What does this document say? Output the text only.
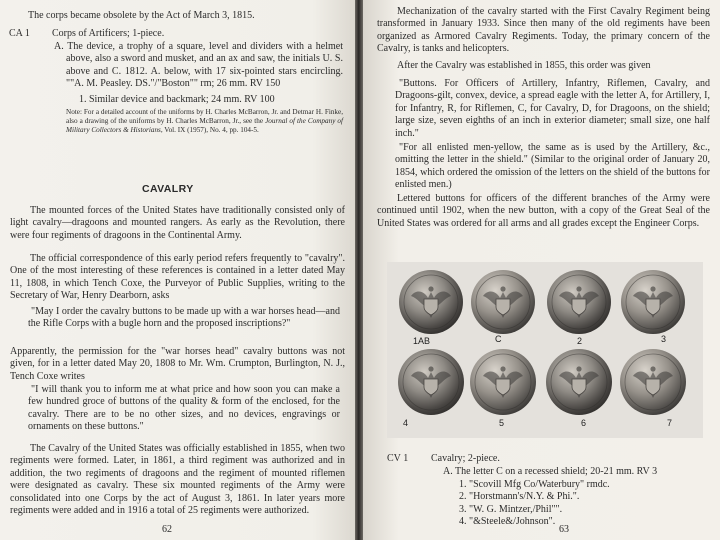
The corps became obsolete by the Act of March 3, 1815.

CA 1 Corps of Artificers; 1-piece.

A. The device, a trophy of a square, level and dividers with a helmet above, also a sword and musket, and an ax and saw, the initials U. S. above and C. 1812. A. below, with 17 six-pointed stars encircling. ""A. M. Peasley. DS."/"Boston"" rm; 26 mm. RV 150

1. Similar device and backmark; 24 mm. RV 100

Note: For a detailed account of the uniforms by H. Charles McBarron, Jr. and Detmar H. Finke, also a drawing of the uniforms by H. Charles McBarron, Jr., see the Journal of the Company of Military Collectors & Historians, Vol. IX (1957), No. 4, pp. 104-5.

CAVALRY

The mounted forces of the United States have traditionally consisted only of light cavalry—dragoons and mounted rangers. As early as the Revolution, there were four regiments of dragoons in the Continental Army.

The official correspondence of this early period refers frequently to "cavalry". One of the most interesting of these references is contained in a letter dated May 11, 1808, in which Tench Coxe, the Purveyor of Public Supplies, writing to the Secretary of War, Henry Dearborn, asks

"May I order the cavalry buttons to be made up with a war horses head—and the Rifle Corps with a bugle horn and the proposed inscriptions?"

Apparently, the permission for the "war horses head" cavalry buttons was not given, for in a letter dated May 20, 1808 to Mr. Wm. Crumpton, Burlington, N. J., Tench Coxe writes

"I will thank you to inform me at what price and how soon you can make a few hundred groce of buttons of the quality & form of the enclosed, for the cavalry. There are to be no other sizes, and no devices, engravings or ornaments on these buttons."

The Cavalry of the United States was officially established in 1855, when two regiments were formed. Later, in 1861, a third regiment was authorized and in addition, the two regiments of dragoons and the regiment of mounted riflemen were designated as cavalry. These six mounted regiments of the Army were consolidated into one Corps by the act of August 3, 1861. In later years more regiments were added and in 1916 a total of 25 regiments were authorized.

62

Mechanization of the cavalry started with the First Cavalry Regiment being transformed in January 1933. Since then many of the old regiments have been organized as Armored Cavalry Regiments. Today, the primary concern of the Cavalry, is tanks and helicopters.

After the Cavalry was established in 1855, this order was given

"Buttons. For Officers of Artillery, Infantry, Riflemen, Cavalry, and Dragoons-gilt, convex, device, a spread eagle with the letter A, for Artillery, I, for Infantry, R, for Riflemen, C, for Cavalry, D, for Dragoons, on the shield; large size, seven eighths of an inch in exterior diameter; small size, one half inch."

"For all enlisted men-yellow, the same as is used by the Artillery, &c., omitting the letter in the shield." (Similar to the original order of January 20, 1854, which ordered the omission of the letters on the shield of the buttons for enlisted men.)

Lettered buttons for officers of the different branches of the Army were continued until 1902, when the new button, with a copy of the Great Seal of the United States was ordered for all arms and all grades except the Engineer Corps.

1AB	C	2	3
4	5	6	7

CV 1 Cavalry; 2-piece.

A. The letter C on a recessed shield; 20-21 mm. RV 3

1. "Scovill Mfg Co/Waterbury" rmdc.
2. "Horstmann's/N.Y. & Phi.".
3. "W. G. Mintzer,/Phil"".
4. "&Steele&/Johnson".

63
